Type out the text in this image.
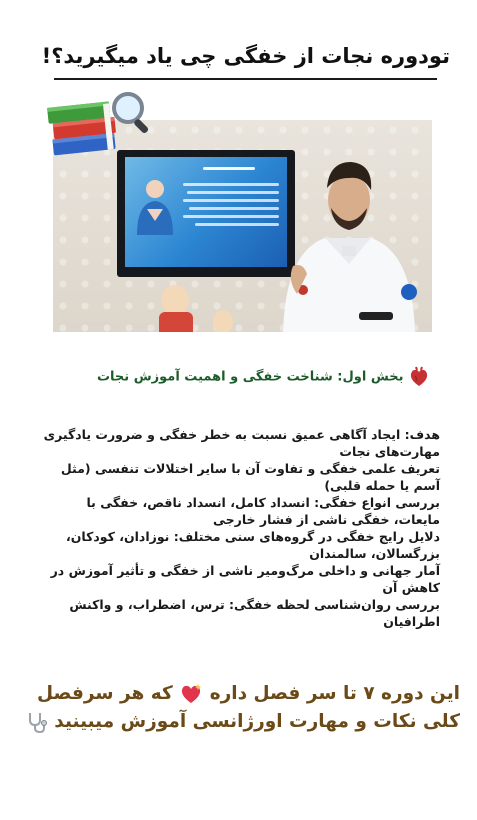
تودوره نجات از خفگی چی یاد میگیرید؟!
بخش اول: شناخت خفگی و اهمیت آموزش نجات

هدف: ایجاد آگاهی عمیق نسبت به خطر خفگی و ضرورت یادگیری مهارت‌های نجات

تعریف علمی خفگی و تفاوت آن با سایر اختلالات تنفسی (مثل آسم یا حمله قلبی)

بررسی انواع خفگی: انسداد کامل، انسداد ناقص، خفگی با مایعات، خفگی ناشی از فشار خارجی

دلایل رایج خفگی در گروه‌های سنی مختلف: نوزادان، کودکان، بزرگسالان، سالمندان

آمار جهانی و داخلی مرگ‌ومیر ناشی از خفگی و تأثیر آموزش در کاهش آن

بررسی روان‌شناسی لحظه خفگی: ترس، اضطراب، و واکنش اطرافیان

این دوره ۷ تا سر فصل داره  که هر سرفصل
کلی نکات و مهارت اورژانسی آموزش میبینید
